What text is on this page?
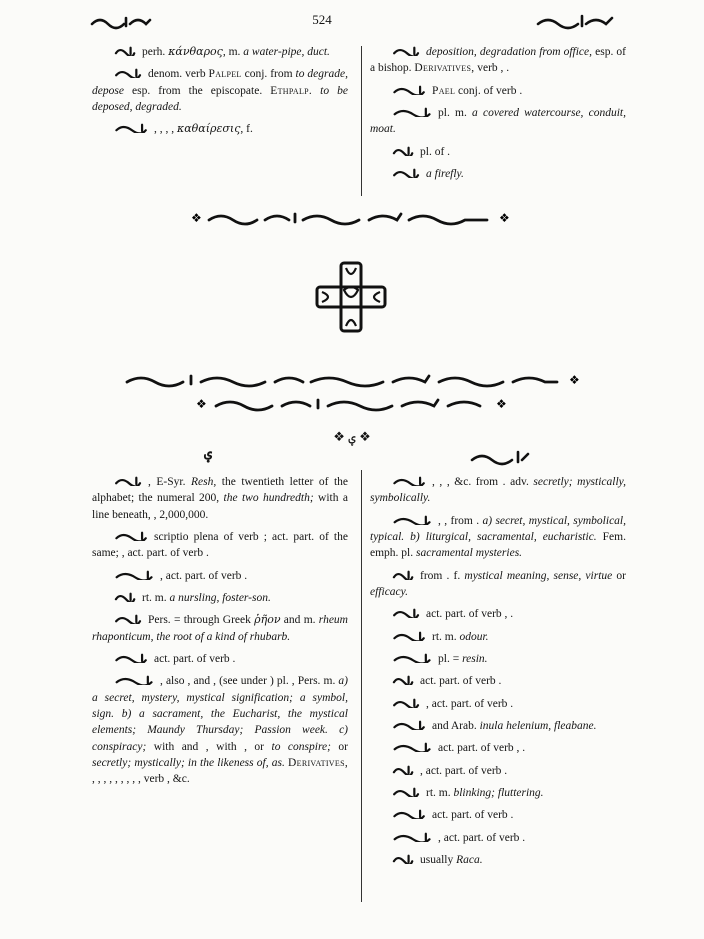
524

perh. κάνθαρος, m. a water-pipe, duct.

denom. verb Palpel conj. from to degrade, depose esp. from the episcopate. Ethpalp. to be deposed, degraded.

, , , , καθαίρεσις, f.

deposition, degradation from office, esp. of a bishop. Derivatives, verb , .

Pael conj. of verb .

pl. m. a covered watercourse, conduit, moat.

pl. of .

a firefly.

❖	❖
❖
❖	❖
❖ ؠ ❖
ؠ

, E-Syr. Resh, the twentieth letter of the alphabet; the numeral 200, the two hundredth; with a line beneath, , 2,000,000.

scriptio plena of verb ; act. part. of the same; , act. part. of verb .

, act. part. of verb .

rt. m. a nursling, foster-son.

Pers. = through Greek ῥῆον and m. rheum rhaponticum, the root of a kind of rhubarb.

act. part. of verb .

, also , and , (see under ) pl. , Pers. m. a) a secret, mystery, mystical signification; a symbol, sign. b) a sacrament, the Eucharist, the mystical elements; Maundy Thursday; Passion week. c) conspiracy; with and , with , or to conspire; or secretly; mystically; in the likeness of, as. Derivatives, , , , , , , , , , verb , &c.

, , , &c. from . adv. secretly; mystically, symbolically.

, , from . a) secret, mystical, symbolical, typical. b) liturgical, sacramental, eucharistic. Fem. emph. pl. sacramental mysteries.

from . f. mystical meaning, sense, virtue or efficacy.

act. part. of verb , .

rt. m. odour.

pl. = resin.

act. part. of verb .

, act. part. of verb .

and Arab. inula helenium, fleabane.

act. part. of verb , .

, act. part. of verb .

rt. m. blinking; fluttering.

act. part. of verb .

, act. part. of verb .

usually Raca.
